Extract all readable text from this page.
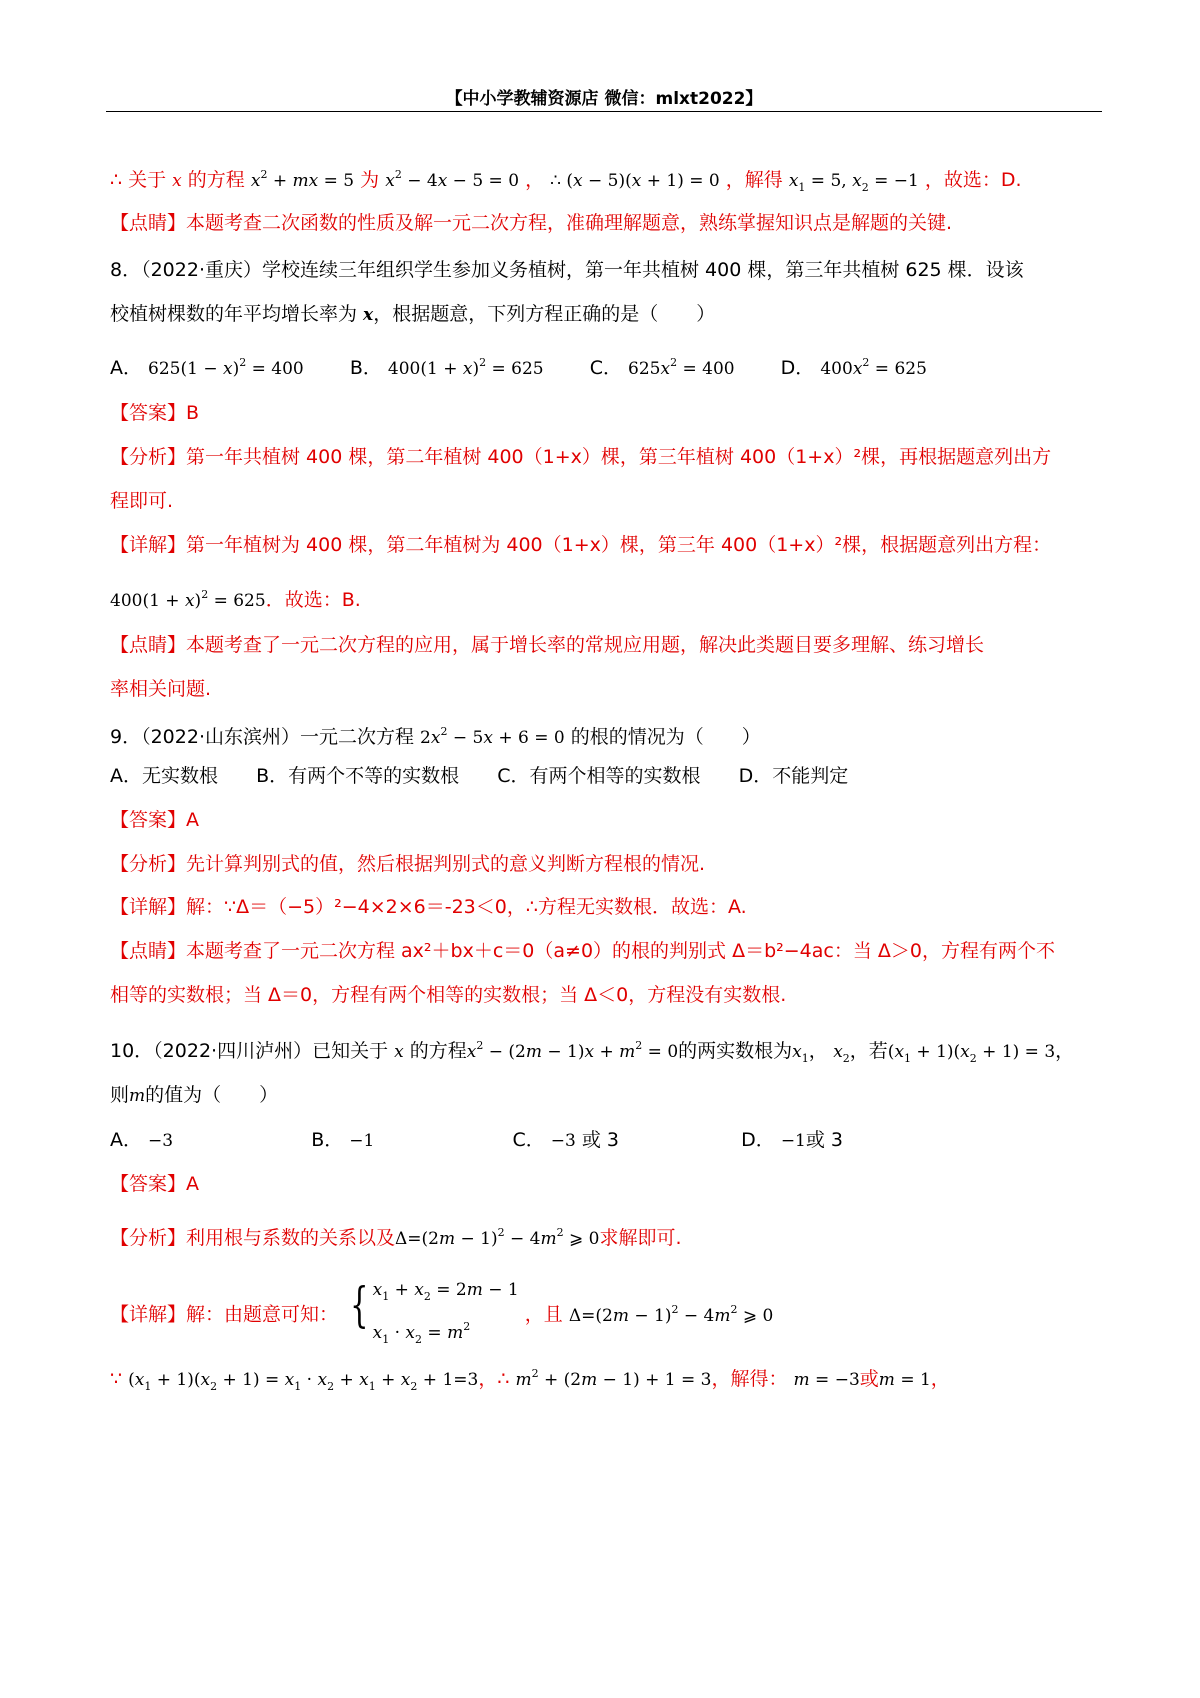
【中小学教辅资源店 微信：mlxt2022】
∴ 关于 x 的方程 $x^2$ + mx = 5 为 $x^2 - 4x - 5 = 0$ ， ∴ (x − 5)(x + 1) = 0 ，解得 $x_1 = 5$, $x_2 = -1$ ，故选：D.
【点睛】本题考查二次函数的性质及解一元二次方程，准确理解题意，熟练掌握知识点是解题的关键.
8．（2022·重庆）学校连续三年组织学生参加义务植树，第一年共植树 400 棵，第三年共植树 625 棵．设该
校植树棵数的年平均增长率为 x，根据题意，下列方程正确的是（　　）
A． $625(1 - x)^2 = 400$ B． $400(1 + x)^2 = 625$ C． $625x^2 = 400$ D． $400x^2 = 625$
【答案】B
【分析】第一年共植树 400 棵，第二年植树 400（1+x）棵，第三年植树 400（1+x）²棵，再根据题意列出方
程即可.
【详解】第一年植树为 400 棵，第二年植树为 400（1+x）棵，第三年 400（1+x）²棵，根据题意列出方程：
$400(1 + x)^2 = 625$．故选：B.
【点睛】本题考查了一元二次方程的应用，属于增长率的常规应用题，解决此类题目要多理解、练习增长
率相关问题.
9．（2022·山东滨州）一元二次方程 $2x^2 - 5x + 6 = 0$ 的根的情况为（　　）
A．无实数根 B．有两个不等的实数根 C．有两个相等的实数根 D．不能判定
【答案】A
【分析】先计算判别式的值，然后根据判别式的意义判断方程根的情况.
【详解】解：∵Δ＝（−5）²−4×2×6＝-23＜0，∴方程无实数根．故选：A.
【点睛】本题考查了一元二次方程 ax²＋bx＋c＝0（a≠0）的根的判别式 Δ＝b²−4ac：当 Δ＞0，方程有两个不
相等的实数根；当 Δ＝0，方程有两个相等的实数根；当 Δ＜0，方程没有实数根.
10．（2022·四川泸州）已知关于 x 的方程$x^2 - (2m - 1)x + m^2 = 0$的两实数根为$x_1$， $x_2$，若$(x_1 + 1)(x_2 + 1) = 3$，
则m的值为（　　）
A． −3	B． −1	C． −3 或 3	D． −1或 3
【答案】A
【分析】利用根与系数的关系以及$\Delta=(2m - 1)^2 - 4m^2$ ⩾ 0求解即可.
【详解】解：由题意可知： { $x_1 + x_2 = 2m - 1$
$x_1 \cdot x_2 = m^2$
，且 $\Delta=(2m - 1)^2 - 4m^2$ ⩾ 0
∵ $(x_1 + 1)(x_2 + 1) = x_1 \cdot x_2 + x_1 + x_2 + 1=3$，∴ $m^2 + (2m - 1) + 1 = 3$，解得： m = −3或m = 1，
